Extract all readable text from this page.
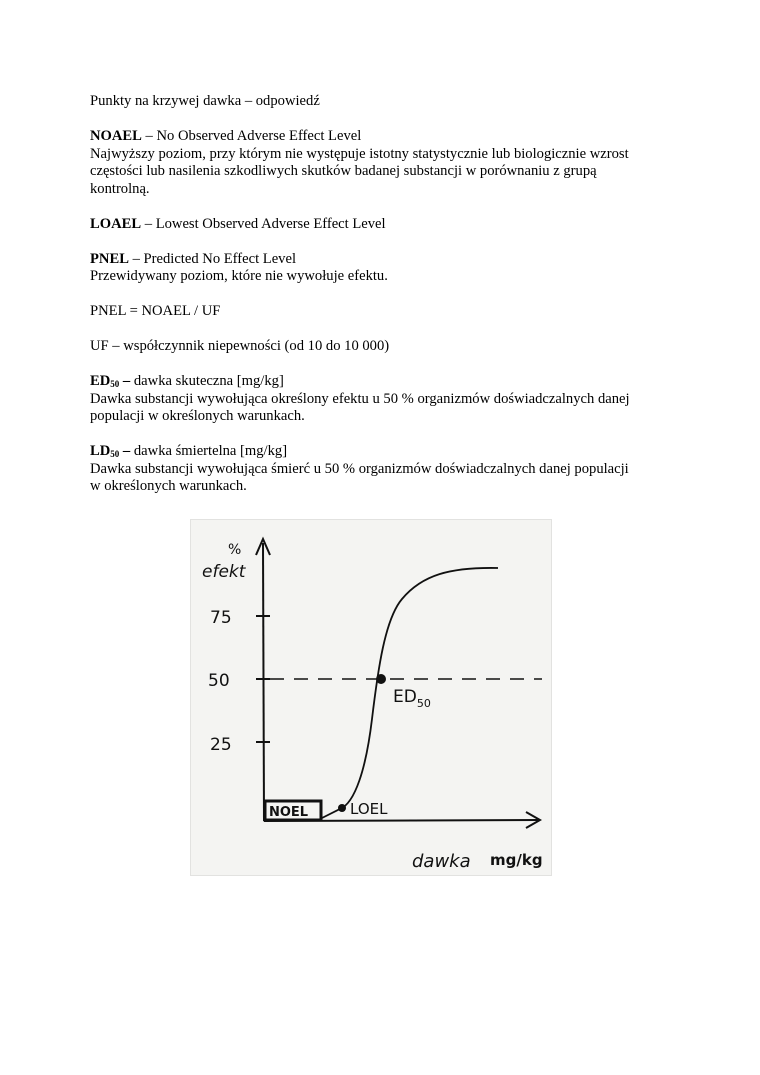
Punkty na krzywej dawka – odpowiedź

NOAEL – No Observed Adverse Effect Level
Najwyższy poziom, przy którym nie występuje istotny statystycznie lub biologicznie wzrost
częstości lub nasilenia szkodliwych skutków badanej substancji w porównaniu z grupą
kontrolną.
LOAEL – Lowest Observed Adverse Effect Level
PNEL – Predicted No Effect Level
Przewidywany poziom, które nie wywołuje efektu.

PNEL = NOAEL / UF

UF – współczynnik niepewności (od 10 do 10 000)

$ED_{50}$ – dawka skuteczna [mg/kg]
Dawka substancji wywołująca określony efektu u 50 % organizmów doświadczalnych danej
populacji w określonych warunkach.
$LD_{50}$ – dawka śmiertelna [mg/kg]
Dawka substancji wywołująca śmierć u 50 % organizmów doświadczalnych danej populacji
w określonych warunkach.
efekt
%
75
50
25
NOEL	LOEL
$ED_{50}$
dawka mg/kg
